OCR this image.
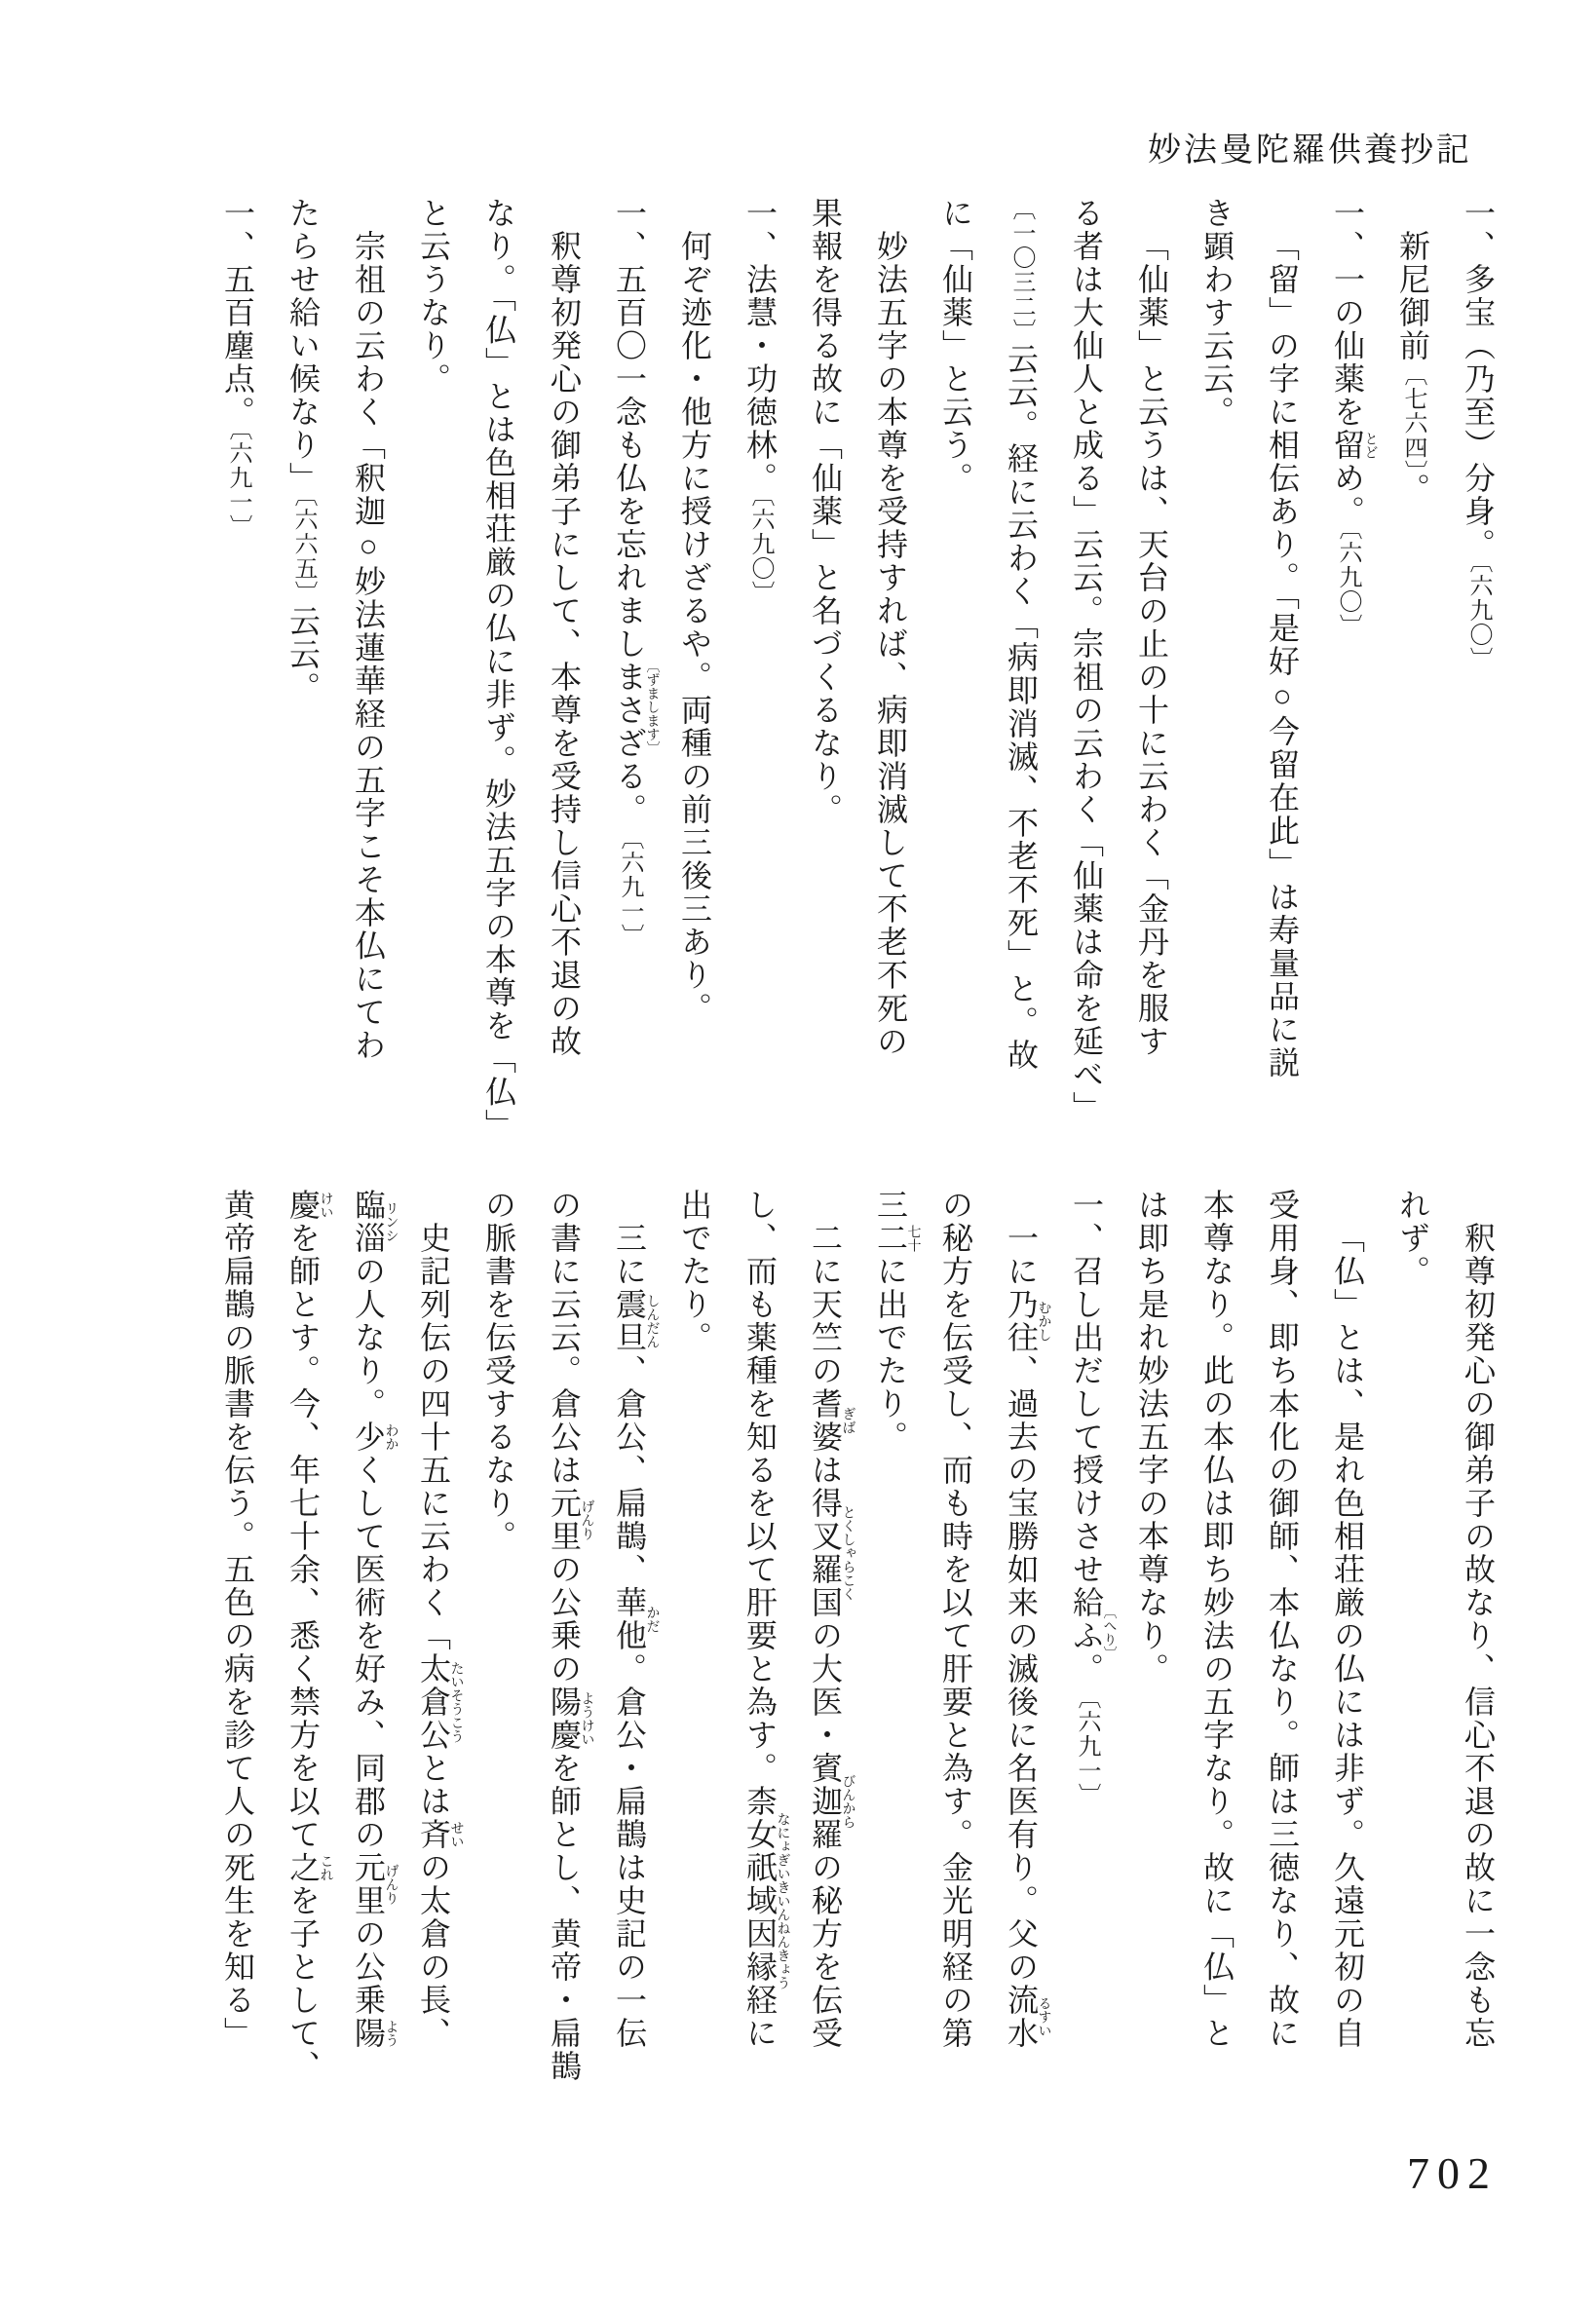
妙法曼陀羅供養抄記

一、多宝（乃至）分身。〔六九〇〕

新尼御前〔七六四〕。

一、一の仙薬を留とどめ。〔六九〇〕

「留」の字に相伝あり。「是好○今留在此」は寿量品に説

き顕わす云云。

「仙薬」と云うは、天台の止の十に云わく「金丹を服す

る者は大仙人と成る」云云。宗祖の云わく「仙薬は命を延べ」

〔一〇三二〕云云。経に云わく「病即消滅、不老不死」と。故

に「仙薬」と云う。

妙法五字の本尊を受持すれば、病即消滅して不老不死の

果報を得る故に「仙薬」と名づくるなり。

一、法慧・功徳林。〔六九〇〕

何ぞ迹化・他方に授けざるや。両種の前三後三あり。

一、五百〇一念も仏を忘れましまさざる。〔ずまします〕〔六九一〕

釈尊初発心の御弟子にして、本尊を受持し信心不退の故

なり。「仏」とは色相荘厳の仏に非ず。妙法五字の本尊を「仏」

と云うなり。

宗祖の云わく「釈迦○妙法蓮華経の五字こそ本仏にてわ

たらせ給い候なり」〔六六五〕云云。

一、五百塵点。〔六九一〕

釈尊初発心の御弟子の故なり、信心不退の故に一念も忘

れず。

「仏」とは、是れ色相荘厳の仏には非ず。久遠元初の自

受用身、即ち本化の御師、本仏なり。師は三徳なり、故に

本尊なり。此の本仏は即ち妙法の五字なり。故に「仏」と

は即ち是れ妙法五字の本尊なり。

一、召し出だして授けさせ給ふ。〔へり〕〔六九一〕

一に乃往むかし、過去の宝勝如来の滅後に名医有り。父の流水るすい

の秘方を伝受し、而も時を以て肝要と為す。金光明経の第

三二七十に出でたり。

二に天竺の耆婆ぎばは得叉羅国とくしゃらこくの大医・賓迦羅びんからの秘方を伝受

し、而も薬種を知るを以て肝要と為す。柰女祇域因縁経なにょぎいきいんねんきょうに

出でたり。

三に震旦しんだん、倉公、扁鵲、華他かだ。倉公・扁鵲は史記の一伝

の書に云云。倉公は元里げんりの公乗の陽慶ようけいを師とし、黄帝・扁鵲

の脈書を伝受するなり。

史記列伝の四十五に云わく「太倉公たいそうこうとは斉せいの太倉の長、

臨淄リンシの人なり。少わかくして医術を好み、同郡の元里げんりの公乗陽よう

慶けいを師とす。今、年七十余、悉く禁方を以て之これを子として、

黄帝扁鵲の脈書を伝う。五色の病を診て人の死生を知る」

702
